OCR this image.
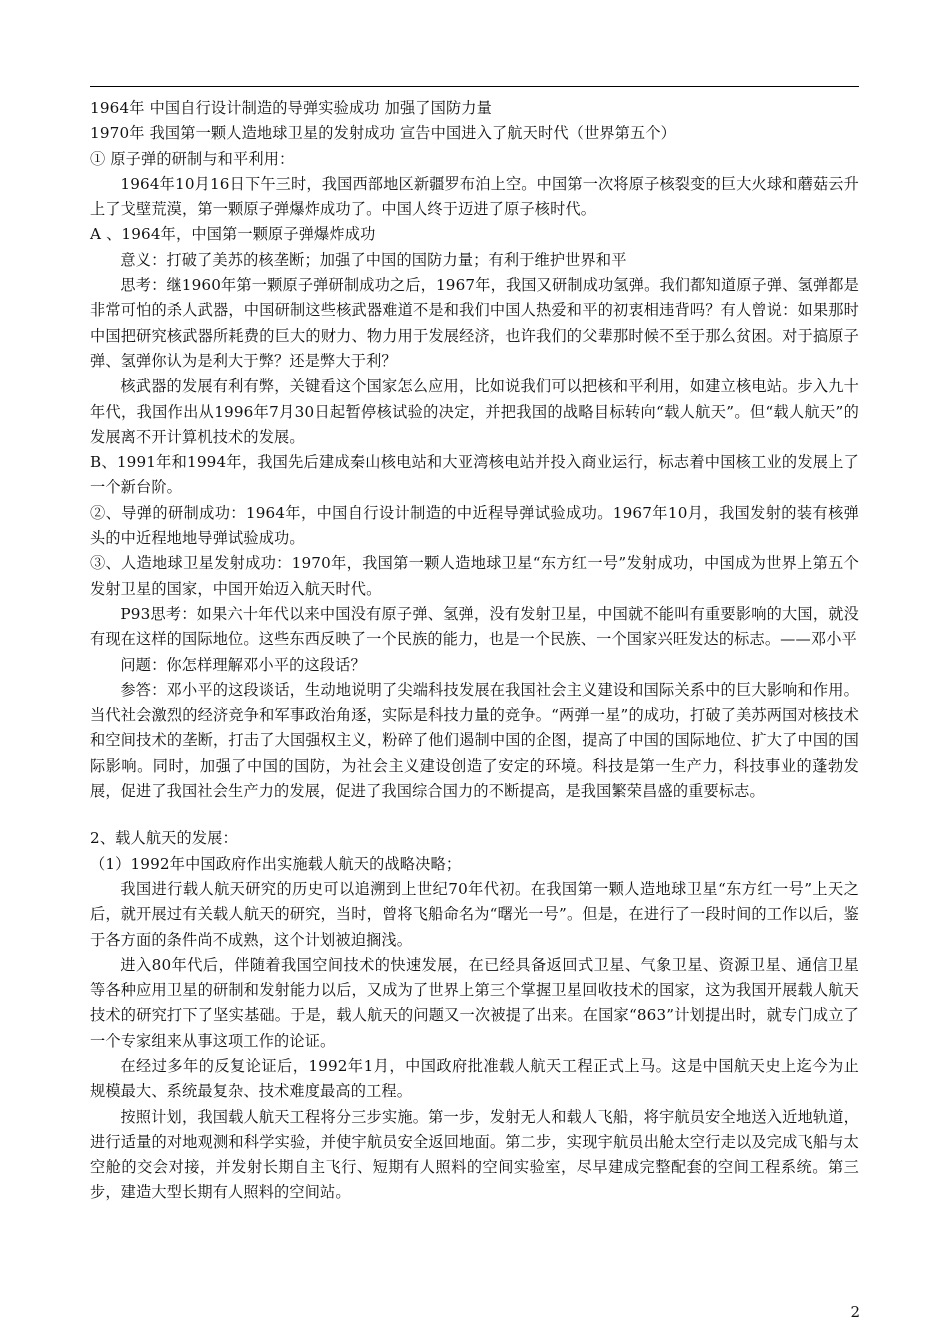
1964年 中国自行设计制造的导弹实验成功 加强了国防力量

1970年 我国第一颗人造地球卫星的发射成功 宣告中国进入了航天时代（世界第五个）

① 原子弹的研制与和平利用：

1964年10月16日下午三时，我国西部地区新疆罗布泊上空。中国第一次将原子核裂变的巨大火球和蘑菇云升上了戈壁荒漠，第一颗原子弹爆炸成功了。中国人终于迈进了原子核时代。

A 、1964年，中国第一颗原子弹爆炸成功

意义：打破了美苏的核垄断；加强了中国的国防力量；有利于维护世界和平

思考：继1960年第一颗原子弹研制成功之后，1967年，我国又研制成功氢弹。我们都知道原子弹、氢弹都是非常可怕的杀人武器，中国研制这些核武器难道不是和我们中国人热爱和平的初衷相违背吗？有人曾说：如果那时中国把研究核武器所耗费的巨大的财力、物力用于发展经济，也许我们的父辈那时候不至于那么贫困。对于搞原子弹、氢弹你认为是利大于弊？还是弊大于利？

核武器的发展有利有弊，关键看这个国家怎么应用，比如说我们可以把核和平利用，如建立核电站。步入九十年代，我国作出从1996年7月30日起暂停核试验的决定，并把我国的战略目标转向“载人航天”。但“载人航天”的发展离不开计算机技术的发展。

B、1991年和1994年，我国先后建成秦山核电站和大亚湾核电站并投入商业运行，标志着中国核工业的发展上了一个新台阶。

②、导弹的研制成功：1964年，中国自行设计制造的中近程导弹试验成功。1967年10月，我国发射的装有核弹头的中近程地地导弹试验成功。

③、人造地球卫星发射成功：1970年，我国第一颗人造地球卫星“东方红一号”发射成功，中国成为世界上第五个发射卫星的国家，中国开始迈入航天时代。

P93思考：如果六十年代以来中国没有原子弹、氢弹，没有发射卫星，中国就不能叫有重要影响的大国，就没有现在这样的国际地位。这些东西反映了一个民族的能力，也是一个民族、一个国家兴旺发达的标志。——邓小平

问题：你怎样理解邓小平的这段话？

参答：邓小平的这段谈话，生动地说明了尖端科技发展在我国社会主义建设和国际关系中的巨大影响和作用。当代社会激烈的经济竞争和军事政治角逐，实际是科技力量的竞争。“两弹一星”的成功，打破了美苏两国对核技术和空间技术的垄断，打击了大国强权主义，粉碎了他们遏制中国的企图，提高了中国的国际地位、扩大了中国的国际影响。同时，加强了中国的国防，为社会主义建设创造了安定的环境。科技是第一生产力，科技事业的蓬勃发展，促进了我国社会生产力的发展，促进了我国综合国力的不断提高，是我国繁荣昌盛的重要标志。

2、载人航天的发展：

（1）1992年中国政府作出实施载人航天的战略决略；

我国进行载人航天研究的历史可以追溯到上世纪70年代初。在我国第一颗人造地球卫星“东方红一号”上天之后，就开展过有关载人航天的研究，当时，曾将飞船命名为“曙光一号”。但是，在进行了一段时间的工作以后，鉴于各方面的条件尚不成熟，这个计划被迫搁浅。

进入80年代后，伴随着我国空间技术的快速发展，在已经具备返回式卫星、气象卫星、资源卫星、通信卫星等各种应用卫星的研制和发射能力以后，又成为了世界上第三个掌握卫星回收技术的国家，这为我国开展载人航天技术的研究打下了坚实基础。于是，载人航天的问题又一次被提了出来。在国家“863”计划提出时，就专门成立了一个专家组来从事这项工作的论证。

在经过多年的反复论证后，1992年1月，中国政府批准载人航天工程正式上马。这是中国航天史上迄今为止规模最大、系统最复杂、技术难度最高的工程。

按照计划，我国载人航天工程将分三步实施。第一步，发射无人和载人飞船，将宇航员安全地送入近地轨道，进行适量的对地观测和科学实验，并使宇航员安全返回地面。第二步，实现宇航员出舱太空行走以及完成飞船与太空舱的交会对接，并发射长期自主飞行、短期有人照料的空间实验室，尽早建成完整配套的空间工程系统。第三步，建造大型长期有人照料的空间站。

2
